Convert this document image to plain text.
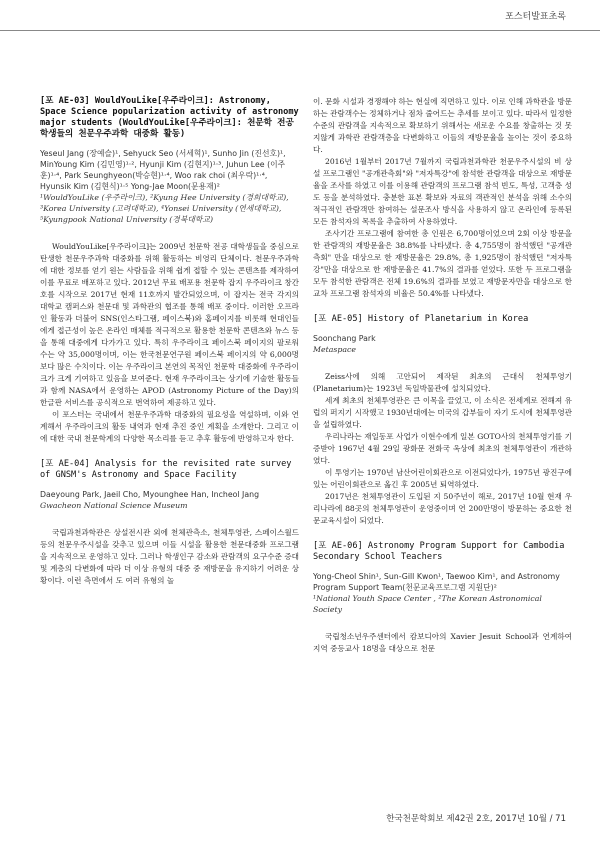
포스터발표초록

[포 AE-03] WouldYouLike[우주라이크]: Astronomy, Space Science popularization activity of astronomy major students (WouldYouLike[우주라이크]: 천문학 전공 학생들의 천문우주과학 대중화 활동)

Yeseul Jang (장예슬)¹, Sehyuck Seo (서세혁)¹, Sunho Jin (진선호)¹, MinYoung Kim (김민영)¹·², Hyunji Kim (김현지)¹·³, Juhun Lee (이주훈)¹·⁴, Park Seunghyeon(박승현)¹·⁴, Woo rak choi (최우락)¹·⁴, Hyunsik Kim (김현식)¹·⁵ Yong-Jae Moon(문용재)²

¹WouldYouLike (우주라이크), ²Kyung Hee University (경희대학교), ³Korea University (고려대학교), ⁴Yonsei University (연세대학교), ⁵Kyungpook National University (경북대학교)

WouldYouLike[우주라이크]는 2009년 천문학 전공 대학생들을 중심으로 탄생한 천문우주과학 대중화를 위해 활동하는 비영리 단체이다. 천문우주과학에 대한 정보를 얻기 원는 사람들을 위해 쉽게 접할 수 있는 콘텐츠를 제작하여 이를 무료로 배포하고 있다. 2012년 무료 배포용 천문학 잡지 우주라이크 창간호를 시작으로 2017년 현재 11호까지 발간되었으며, 이 잡지는 전국 각지의 대학교 캠퍼스와 천문대 및 과학관의 협조를 통해 배포 중이다. 이러한 오프라인 활동과 더불어 SNS(인스타그램, 페이스북)와 홈페이지를 비롯해 현대인들에게 접근성이 높은 온라인 매체를 적극적으로 활용한 천문학 콘텐츠와 뉴스 등을 통해 대중에게 다가가고 있다. 특히 우주라이크 페이스북 페이지의 팔로워 수는 약 35,000명이며, 이는 한국천문연구원 페이스북 페이지의 약 6,000명보다 많은 수치이다. 이는 우주라이크 본연의 목적인 천문학 대중화에 우주라이크가 크게 기여하고 있음을 보여준다. 현재 우주라이크는 상기에 기술한 활동들과 함께 NASA에서 운영하는 APOD (Astronomy Picture of the Day)의 한글판 서비스를 공식적으로 번역하여 제공하고 있다.

이 포스터는 국내에서 천문우주과학 대중화의 필요성을 역설하며, 이와 연계해서 우주라이크의 활동 내역과 현재 추진 중인 계획을 소개한다. 그리고 이에 대한 국내 천문학계의 다양한 목소리를 듣고 추후 활동에 반영하고자 한다.

[포 AE-04] Analysis for the revisited rate survey of GNSM's Astronomy and Space Facility

Daeyoung Park, Jaeil Cho, Myounghee Han, Incheol Jang

Gwacheon National Science Museum

국립과천과학관은 상설전시관 외에 천체관측소, 천체투영관, 스페이스월드 등의 천문우주시설을 갖추고 있으며 이들 시설을 활용한 천문대중화 프로그램을 지속적으로 운영하고 있다. 그러나 학생인구 감소와 관람객의 요구수준 증대 및 계층의 다변화에 따라 더 이상 유형의 대중 중 재방문을 유지하기 어려운 상황이다. 이런 측면에서 도 여러 유형의 놀

이. 문화 시설과 경쟁해야 하는 현실에 직면하고 있다. 이로 인해 과학관을 방문하는 관람객수는 정체하거나 점차 줄어드는 추세를 보이고 있다. 따라서 일정한 수준의 관람객을 지속적으로 확보하기 위해서는 새로운 수요를 창출하는 것 못지않게 과학관 관람객층을 다변화하고 이들의 재방문율을 높이는 것이 중요하다.

2016년 1월부터 2017년 7월까지 국립과천과학관 천문우주시설의 비 상설 프로그램인 "공개관측회"와 "저자특강"에 참석한 관람객을 대상으로 재방문율을 조사를 하였고 이를 이용해 관람객의 프로그램 참석 빈도, 특성, 고객층 성도 등을 분석하였다. 충분한 표본 확보와 자료의 객관적인 분석을 위해 소수의 적극적인 관람객만 참여하는 설문조사 방식을 사용하지 않고 온라인에 등록된 모든 참석자의 목록을 추출하여 사용하였다.

조사기간 프로그램에 참여한 총 인원은 6,700명이었으며 2회 이상 방문을 한 관람객의 재방문율은 38.8%를 나타냈다. 총 4,755명이 참석했던 "공개관측회" 만을 대상으로 한 재방문율은 29.8%, 총 1,925명이 참석했던 "저자특강"만을 대상으로 한 재방문율은 41.7%의 결과를 얻었다. 또한 두 프로그램을 모두 참석한 관람객은 전체 19.6%의 결과를 보였고 재방문자만을 대상으로 한 교차 프로그램 참석자의 비율은 50.4%를 나타냈다.

[포 AE-05] History of Planetarium in Korea

Soonchang Park

Metaspace

Zeiss사에 의해 고안되어 제작된 최초의 근대식 천체투영기(Planetarium)는 1923년 독일박물관에 설치되었다.

세계 최초의 천체투영관은 큰 이목을 끌었고, 이 소식은 전세계로 전해져 유럽의 퍼지기 시작했고 1930년대에는 미국의 갑부들이 자기 도시에 천체투영관을 설립하였다.

우리나라는 재일동포 사업가 이현수에게 일본 GOTO사의 천체투영기를 기증받아 1967년 4월 29일 광화문 전화국 옥상에 최초의 천체투영관이 개관하였다.

이 투영기는 1970년 남산어린이회관으로 이전되었다가, 1975년 광진구에 있는 어린이회관으로 옮긴 후 2005년 퇴역하였다.

2017년은 천체투영관이 도입된 지 50주년이 해로, 2017년 10월 현재 우리나라에 88곳의 천체투영관이 운영중이며 연 200만명이 방문하는 중요한 천문교육시설이 되었다.

[포 AE-06] Astronomy Program Support for Cambodia Secondary School Teachers

Yong-Cheol Shin¹, Sun-Gill Kwon¹, Taewoo Kim¹, and Astronomy Program Support Team(천문교육프로그램 지원단)²

¹National Youth Space Center , ²The Korean Astronomical Society

국립청소년우주센터에서 캄보디아의 Xavier Jesuit School과 연계하여 지역 중등교사 18명을 대상으로 천문

한국천문학회보 제42권 2호, 2017년 10월 / 71
